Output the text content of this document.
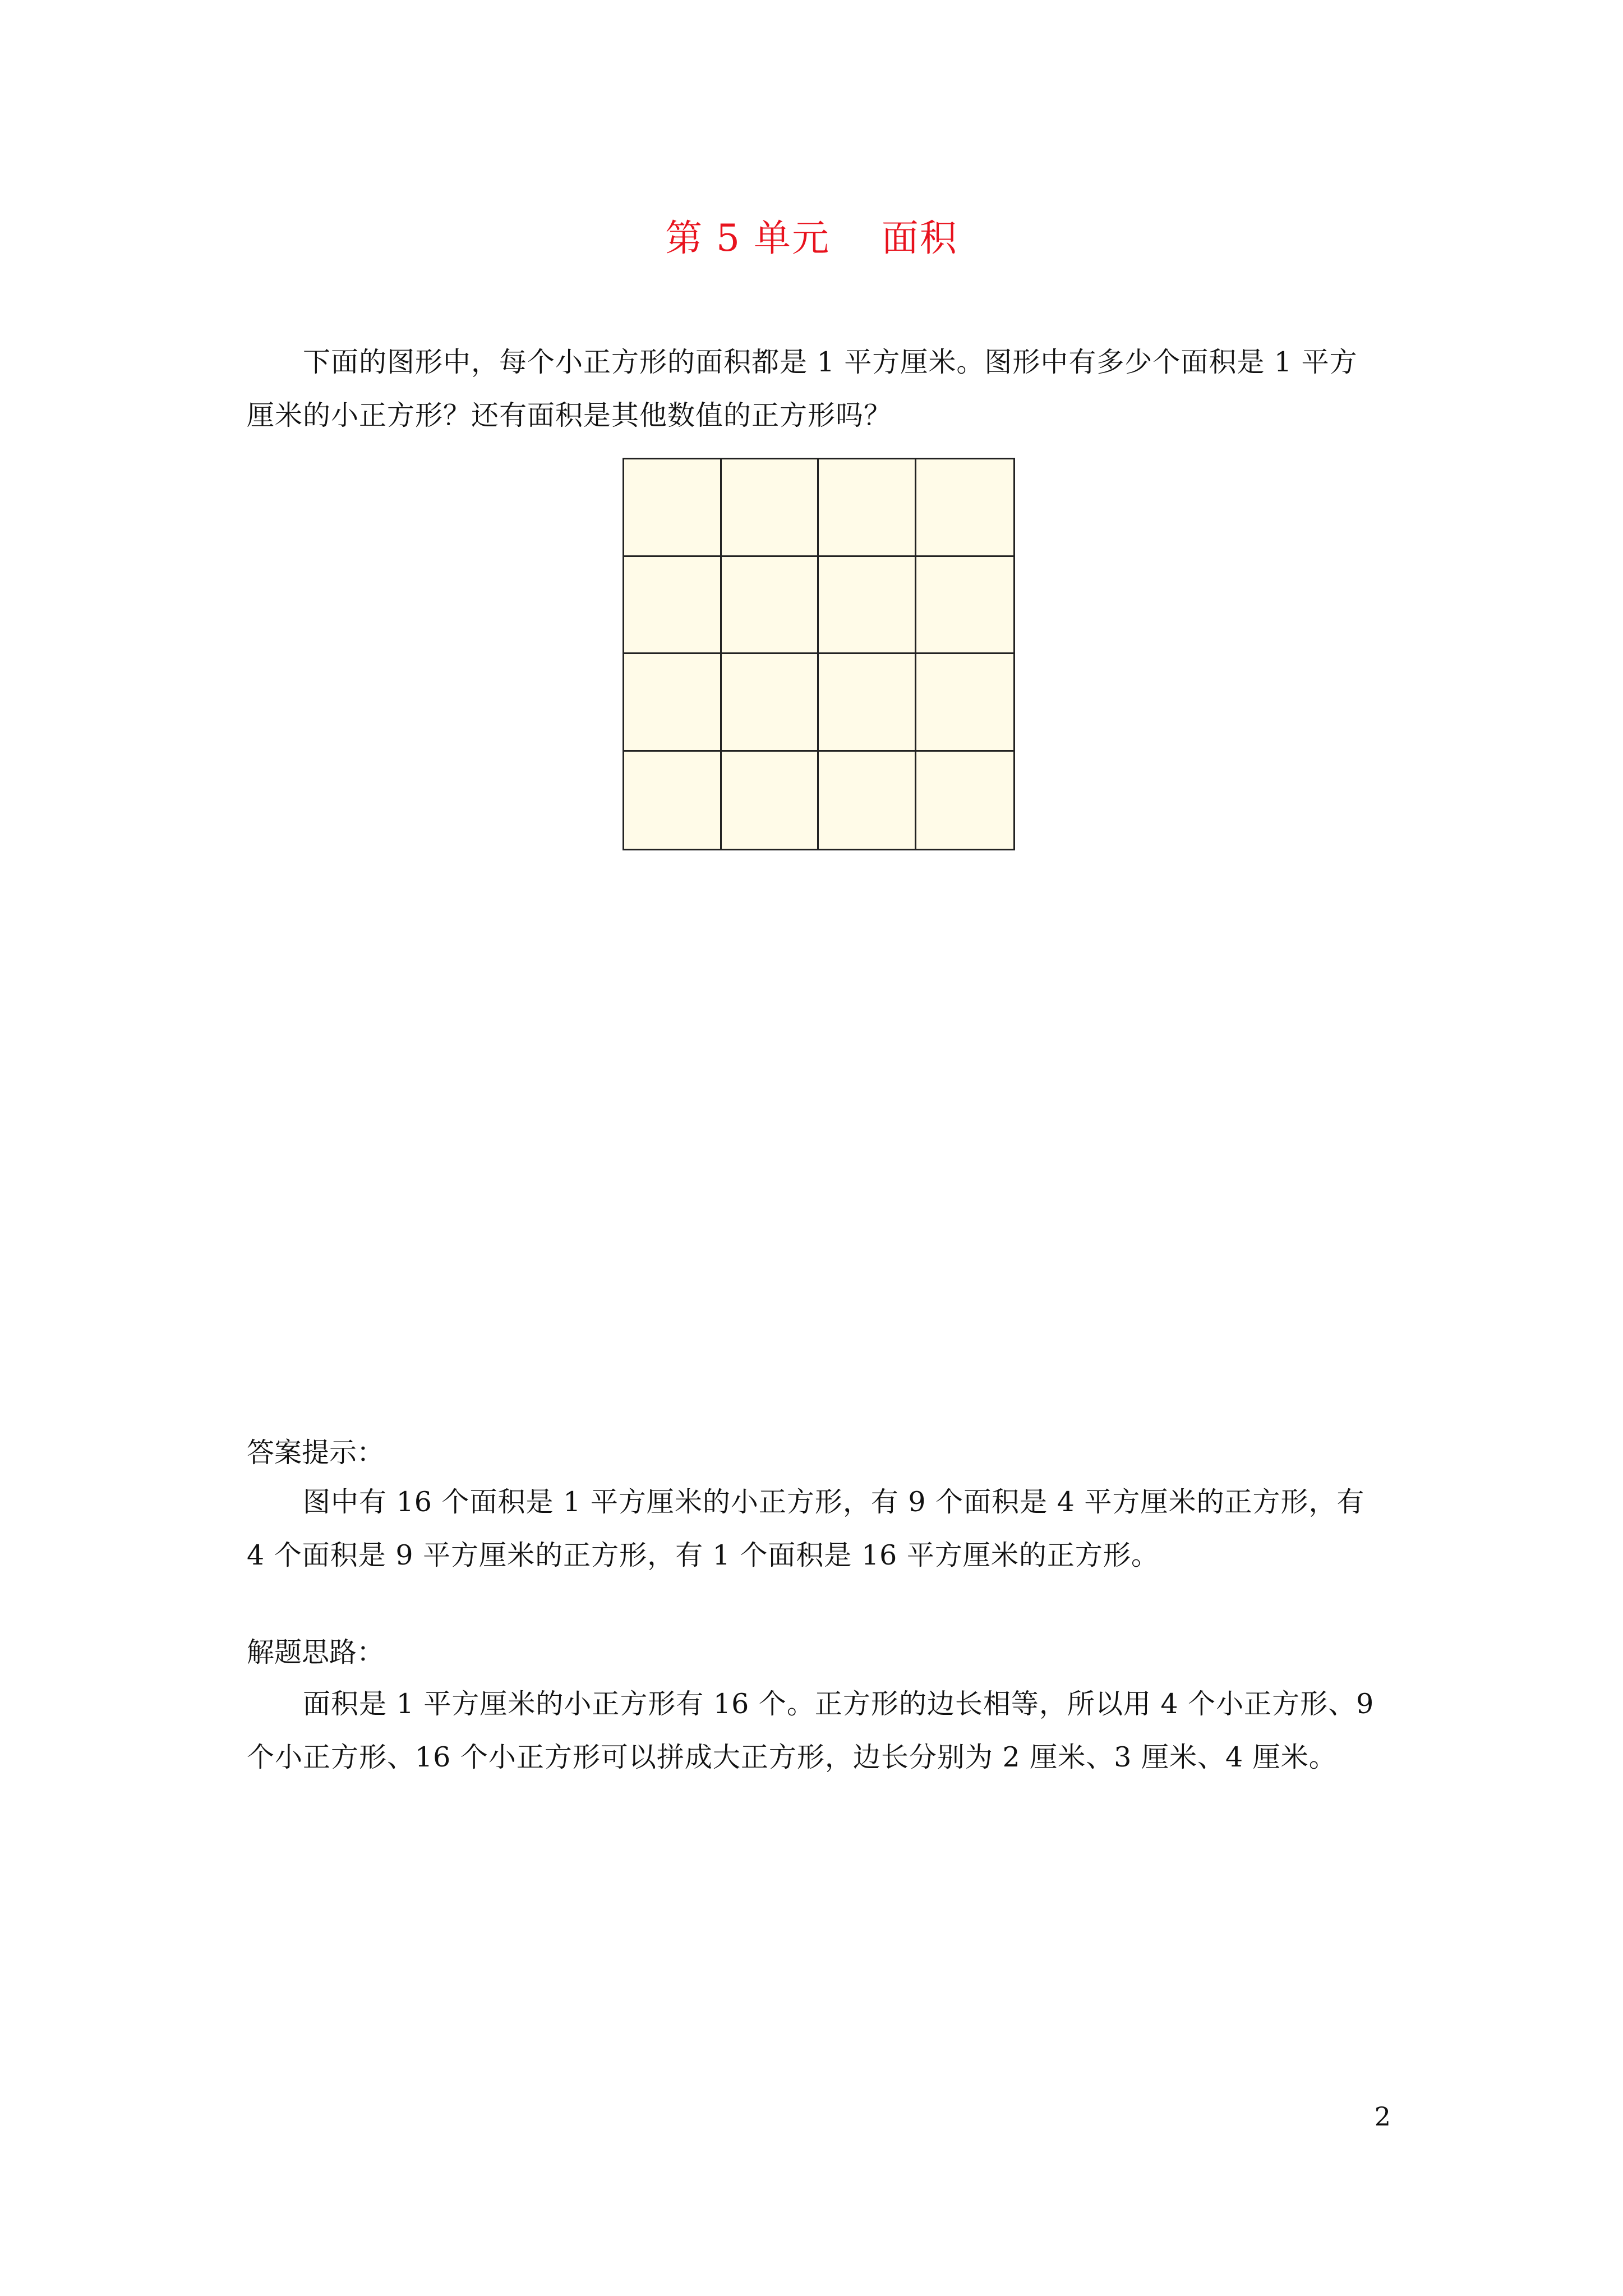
第 5 单元    面积

下面的图形中，每个小正方形的面积都是 1 平方厘米。图形中有多少个面积是 1 平方厘米的小正方形？还有面积是其他数值的正方形吗？

答案提示：

图中有 16 个面积是 1 平方厘米的小正方形，有 9 个面积是 4 平方厘米的正方形，有 4 个面积是 9 平方厘米的正方形，有 1 个面积是 16 平方厘米的正方形。

解题思路：

面积是 1 平方厘米的小正方形有 16 个。正方形的边长相等，所以用 4 个小正方形、9 个小正方形、16 个小正方形可以拼成大正方形，边长分别为 2 厘米、3 厘米、4 厘米。

2
